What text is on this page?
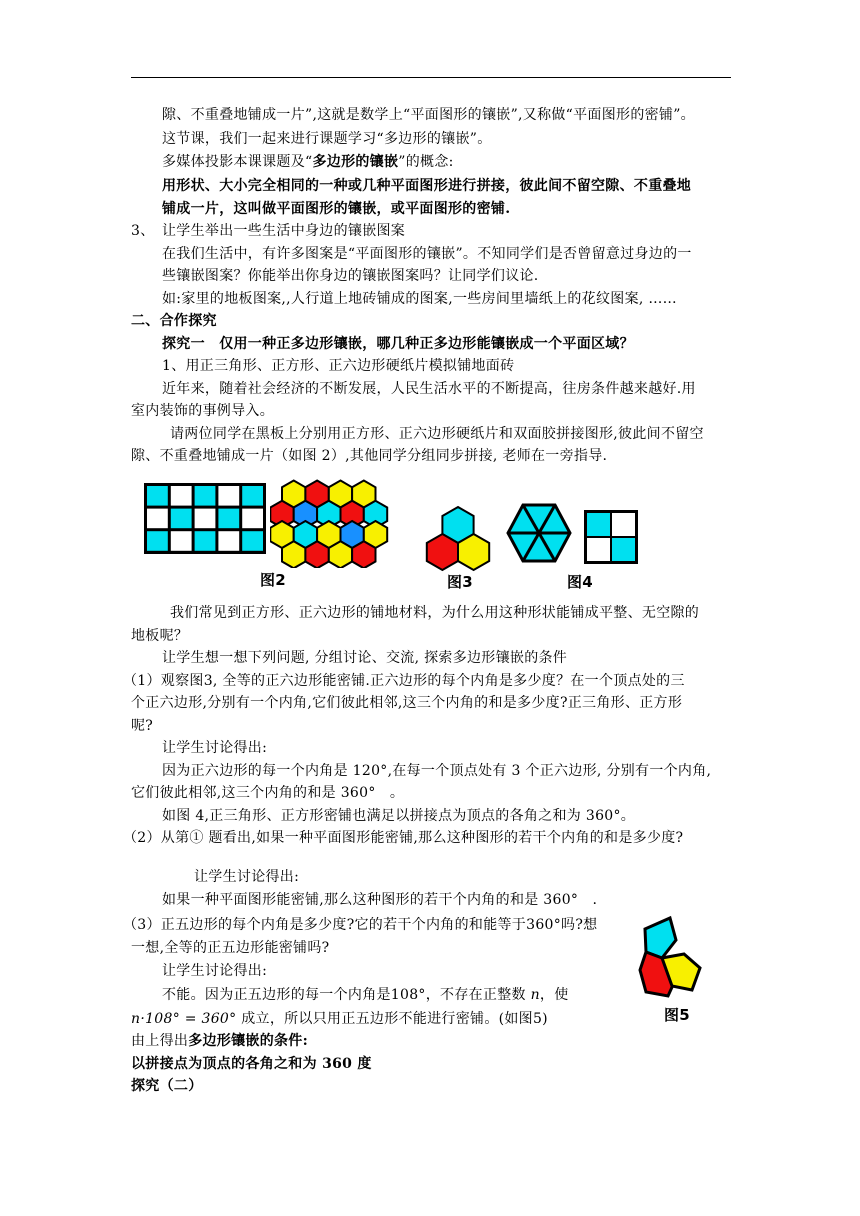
隙、不重叠地铺成一片”,这就是数学上“平面图形的镶嵌”,又称做“平面图形的密铺”。
这节课，我们一起来进行课题学习“多边形的镶嵌”。
多媒体投影本课课题及“多边形的镶嵌”的概念:
用形状、大小完全相同的一种或几种平面图形进行拼接，彼此间不留空隙、不重叠地
铺成一片，这叫做平面图形的镶嵌，或平面图形的密铺.
3、 让学生举出一些生活中身边的镶嵌图案
在我们生活中，有许多图案是“平面图形的镶嵌”。不知同学们是否曾留意过身边的一
些镶嵌图案？你能举出你身边的镶嵌图案吗？让同学们议论.
如:家里的地板图案,,人行道上地砖铺成的图案,一些房间里墙纸上的花纹图案, ……
二、合作探究
探究一　仅用一种正多边形镶嵌，哪几种正多边形能镶嵌成一个平面区域？
1、用正三角形、正方形、正六边形硬纸片模拟铺地面砖
近年来，随着社会经济的不断发展，人民生活水平的不断提高，往房条件越来越好.用
室内装饰的事例导入。
请两位同学在黑板上分别用正方形、正六边形硬纸片和双面胶拼接图形,彼此间不留空
隙、不重叠地铺成一片（如图 2）,其他同学分组同步拼接, 老师在一旁指导.
图2	图3	图4
我们常见到正方形、正六边形的铺地材料，为什么用这种形状能铺成平整、无空隙的
地板呢？
让学生想一想下列问题, 分组讨论、交流, 探索多边形镶嵌的条件
（1）观察图3, 全等的正六边形能密铺.正六边形的每个内角是多少度？在一个顶点处的三
个正六边形,分别有一个内角,它们彼此相邻,这三个内角的和是多少度?正三角形、正方形
呢?
让学生讨论得出:
因为正六边形的每一个内角是 120°,在每一个顶点处有 3 个正六边形, 分别有一个内角,
它们彼此相邻,这三个内角的和是 360°　。
如图 4,正三角形、正方形密铺也满足以拼接点为顶点的各角之和为 360°。
（2）从第① 题看出,如果一种平面图形能密铺,那么这种图形的若干个内角的和是多少度?
让学生讨论得出:
如果一种平面图形能密铺,那么这种图形的若干个内角的和是 360°　.
（3）正五边形的每个内角是多少度?它的若干个内角的和能等于360°吗?想
一想,全等的正五边形能密铺吗?
让学生讨论得出:
不能。因为正五边形的每一个内角是108°，不存在正整数 n，使
n·108° = 360° 成立，所以只用正五边形不能进行密铺。(如图5)
由上得出多边形镶嵌的条件:
以拼接点为顶点的各角之和为 360 度
探究（二）
图5
